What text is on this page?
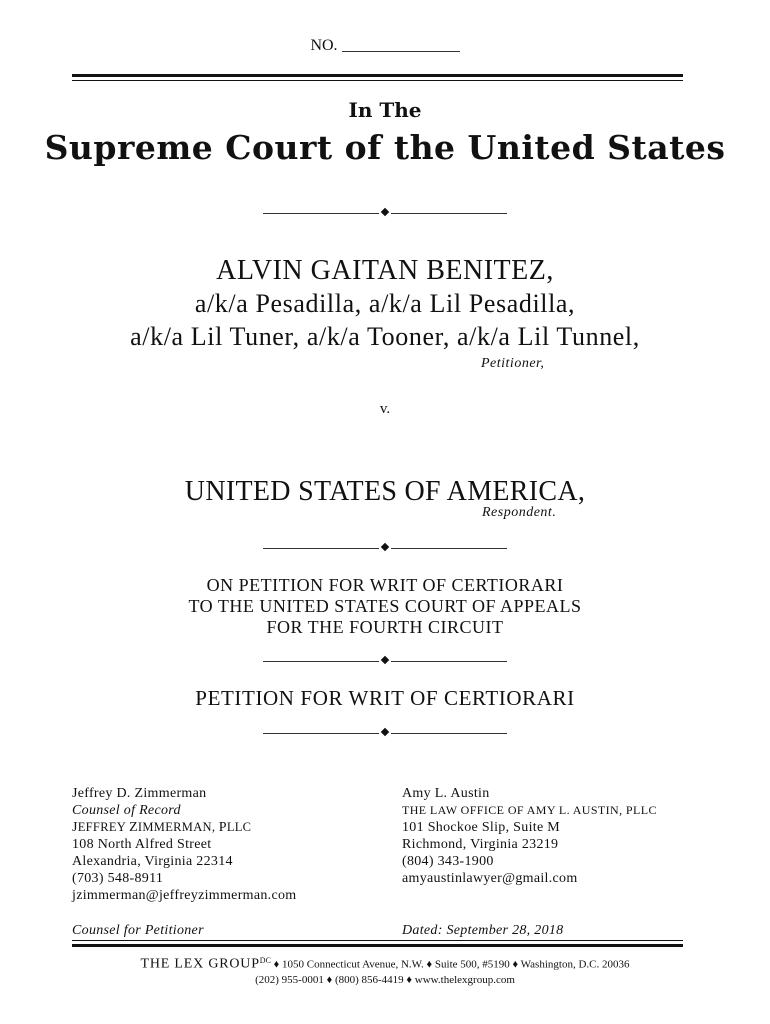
NO.
In The
Supreme Court of the United States
ALVIN GAITAN BENITEZ,
a/k/a Pesadilla, a/k/a Lil Pesadilla,
a/k/a Lil Tuner, a/k/a Tooner, a/k/a Lil Tunnel,
Petitioner,
v.
UNITED STATES OF AMERICA,
Respondent.
ON PETITION FOR WRIT OF CERTIORARI
TO THE UNITED STATES COURT OF APPEALS
FOR THE FOURTH CIRCUIT
PETITION FOR WRIT OF CERTIORARI
Jeffrey D. Zimmerman
Counsel of Record
JEFFREY ZIMMERMAN, PLLC
108 North Alfred Street
Alexandria, Virginia 22314
(703) 548-8911
jzimmerman@jeffreyzimmerman.com
Counsel for Petitioner
Amy L. Austin
THE LAW OFFICE OF AMY L. AUSTIN, PLLC
101 Shockoe Slip, Suite M
Richmond, Virginia 23219
(804) 343-1900
amyaustinlawyer@gmail.com
Dated: September 28, 2018
THE LEX $GROUP^{DC}$ ♦ 1050 Connecticut Avenue, N.W. ♦ Suite 500, #5190 ♦ Washington, D.C. 20036
(202) 955-0001 ♦ (800) 856-4419 ♦ www.thelexgroup.com
